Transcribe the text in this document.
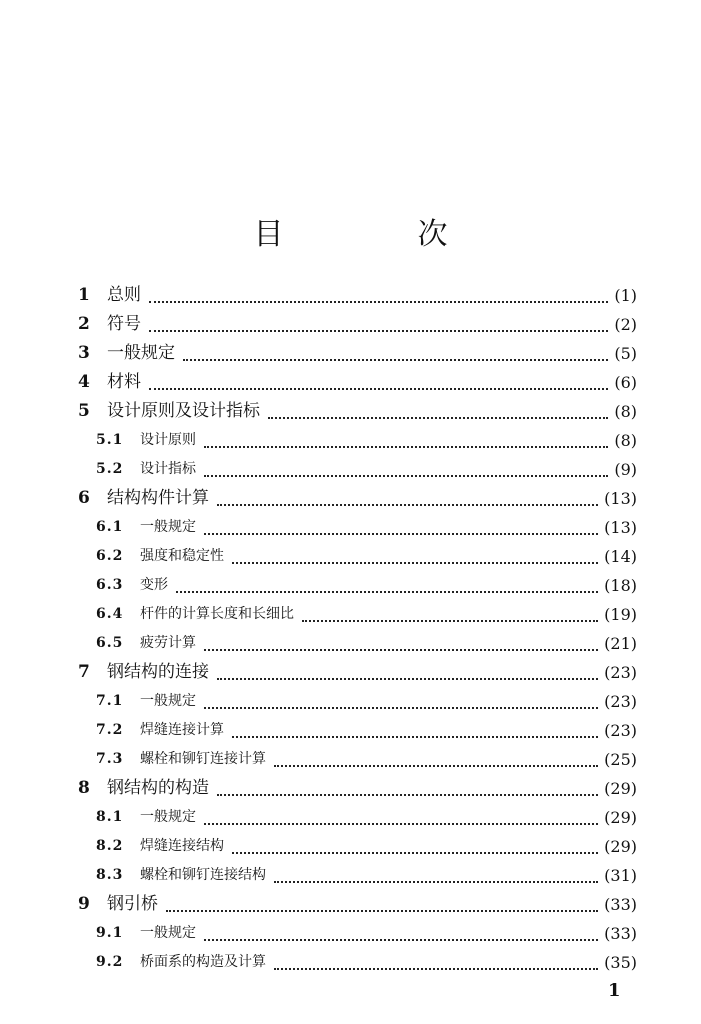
目　次
1 总则	(1)
2 符号	(2)
3 一般规定	(5)
4 材料	(6)
5 设计原则及设计指标	(8)
5.1 设计原则	(8)
5.2 设计指标	(9)
6 结构构件计算	(13)
6.1 一般规定	(13)
6.2 强度和稳定性	(14)
6.3 变形	(18)
6.4 杆件的计算长度和长细比	(19)
6.5 疲劳计算	(21)
7 钢结构的连接	(23)
7.1 一般规定	(23)
7.2 焊缝连接计算	(23)
7.3 螺栓和铆钉连接计算	(25)
8 钢结构的构造	(29)
8.1 一般规定	(29)
8.2 焊缝连接结构	(29)
8.3 螺栓和铆钉连接结构	(31)
9 钢引桥	(33)
9.1 一般规定	(33)
9.2 桥面系的构造及计算	(35)
1
